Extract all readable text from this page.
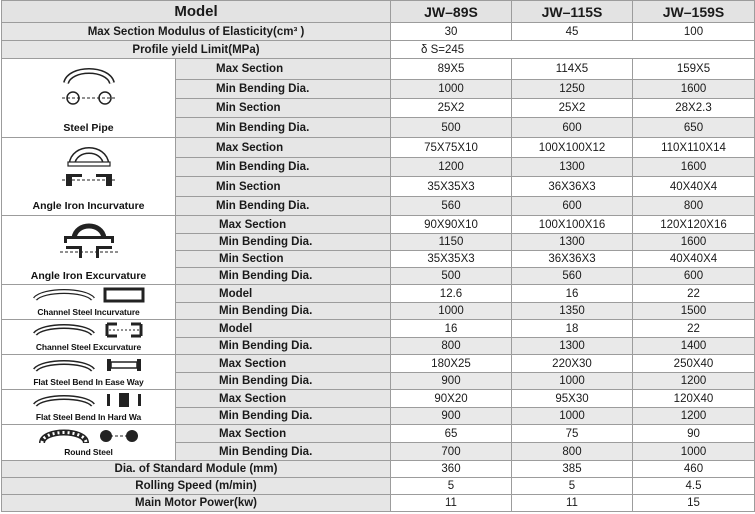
Model		JW–89S	JW–115S	JW–159S
Max Section Modulus of Elasticity(cm³ )		30	45	100
Profile yield Limit(MPa)		δ S=245		

Steel Pipe	Max Section	89X5	114X5	159X5
	Min Bending Dia.	1000	1250	1600
	Min Section	25X2	25X2	28X2.3
	Min Bending Dia.	500	600	650

Angle Iron Incurvature	Max Section	75X75X10	100X100X12	110X110X14
	Min Bending Dia.	1200	1300	1600
	Min Section	35X35X3	36X36X3	40X40X4
	Min Bending Dia.	560	600	800

Angle Iron Excurvature	Max Section	90X90X10	100X100X16	120X120X16
	Min Bending Dia.	1150	1300	1600
	Min Section	35X35X3	36X36X3	40X40X4
	Min Bending Dia.	500	560	600

Channel Steel Incurvature	Model	12.6	16	22
	Min Bending Dia.	1000	1350	1500

Channel Steel Excurvature	Model	16	18	22
	Min Bending Dia.	800	1300	1400

Flat Steel Bend In Ease Way	Max Section	180X25	220X30	250X40
	Min Bending Dia.	900	1000	1200

Flat Steel Bend In Hard Wa	Max Section	90X20	95X30	120X40
	Min Bending Dia.	900	1000	1200

Round Steel	Max Section	65	75	90
	Min Bending Dia.	700	800	1000
Dia. of Standard Module (mm)		360	385	460
Rolling Speed (m/min)		5	5	4.5
Main Motor Power(kw)		11	11	15
